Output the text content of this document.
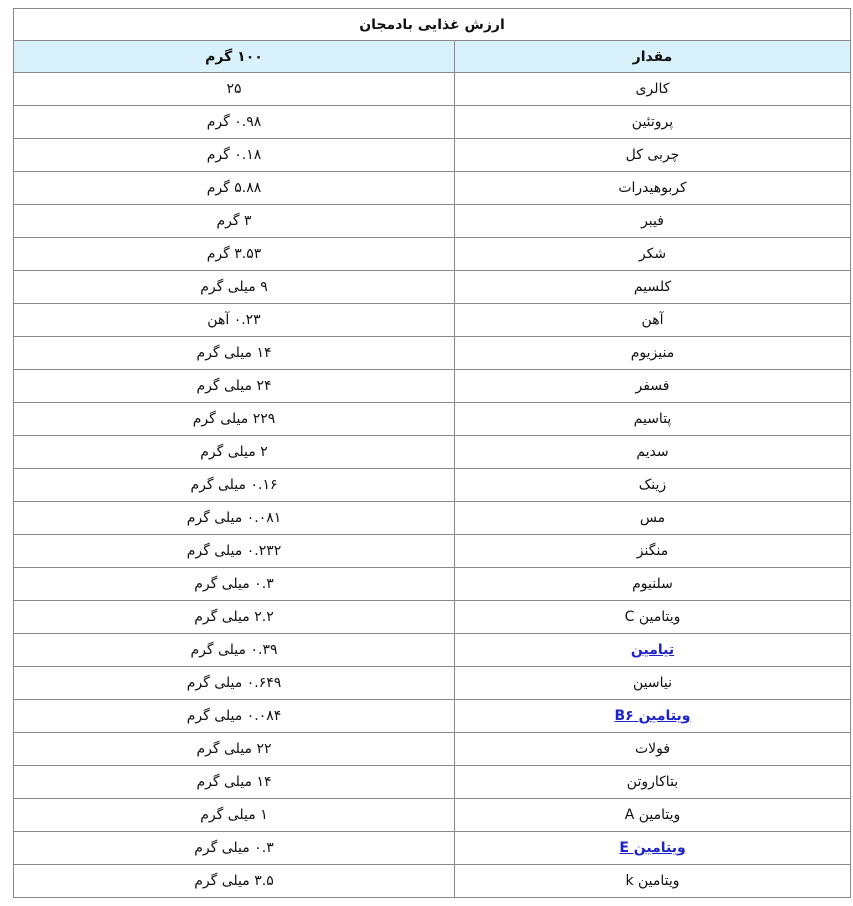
ارزش غذایی بادمجان	
مقدار	۱۰۰ گرم
کالری	۲۵
پروتئین	۰.۹۸ گرم
چربی کل	۰.۱۸ گرم
کربوهیدرات	۵.۸۸ گرم
فیبر	۳ گرم
شکر	۳.۵۳ گرم
کلسیم	۹ میلی گرم
آهن	۰.۲۳ آهن
منیزیوم	۱۴ میلی گرم
فسفر	۲۴ میلی گرم
پتاسیم	۲۲۹ میلی گرم
سدیم	۲ میلی گرم
زینک	۰.۱۶ میلی گرم
مس	۰.۰۸۱ میلی گرم
منگنز	۰.۲۳۲ میلی گرم
سلنیوم	۰.۳ میلی گرم
ویتامین C	۲.۲ میلی گرم
تیامین	۰.۳۹ میلی گرم
نیاسین	۰.۶۴۹ میلی گرم
ویتامین B۶	۰.۰۸۴ میلی گرم
فولات	۲۲ میلی گرم
بتاکاروتن	۱۴ میلی گرم
ویتامین A	۱ میلی گرم
ویتامین E	۰.۳ میلی گرم
ویتامین k	۳.۵ میلی گرم
